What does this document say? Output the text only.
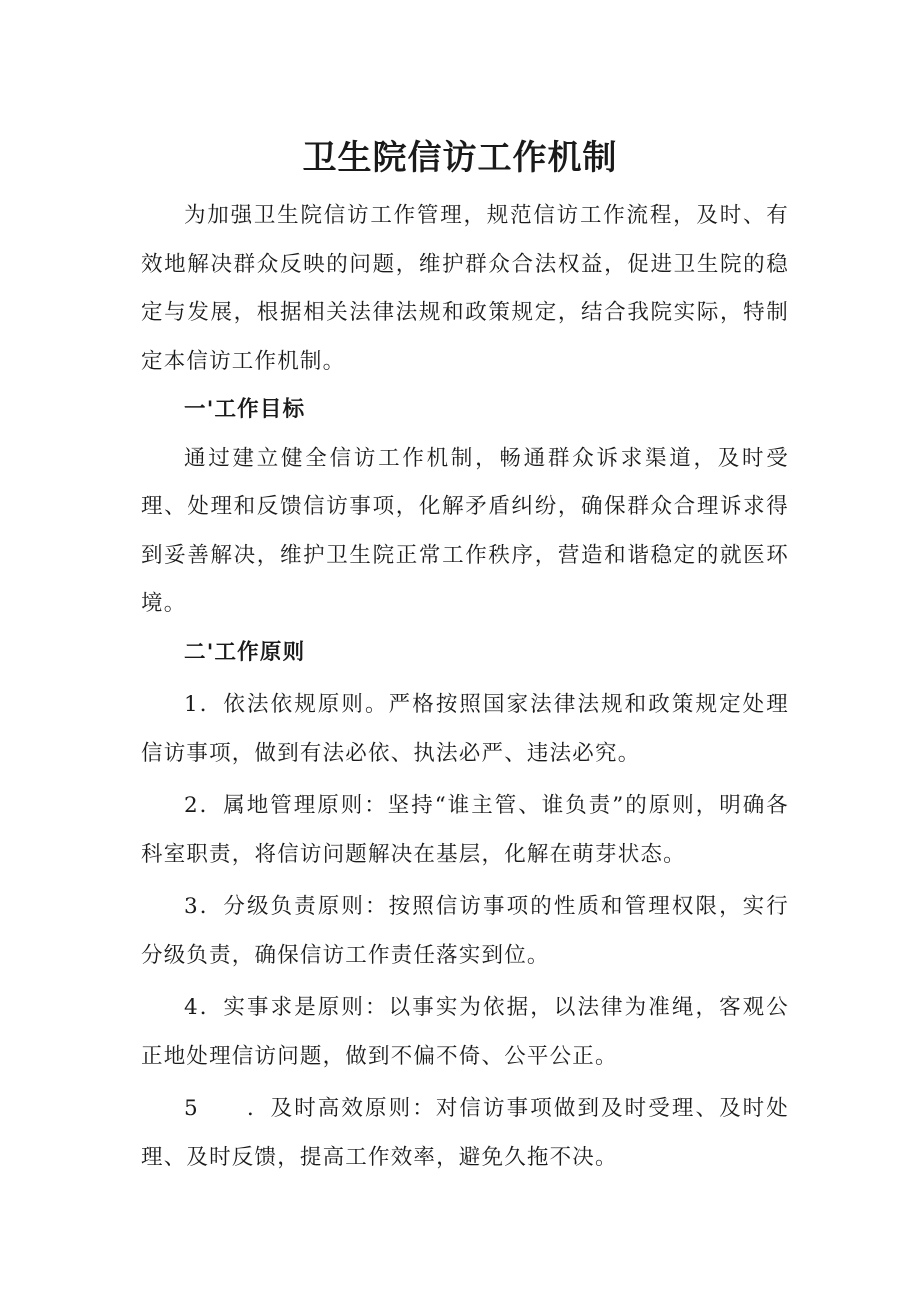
卫生院信访工作机制

为加强卫生院信访工作管理，规范信访工作流程，及时、有效地解决群众反映的问题，维护群众合法权益，促进卫生院的稳定与发展，根据相关法律法规和政策规定，结合我院实际，特制定本信访工作机制。

一'工作目标

通过建立健全信访工作机制，畅通群众诉求渠道，及时受理、处理和反馈信访事项，化解矛盾纠纷，确保群众合理诉求得到妥善解决，维护卫生院正常工作秩序，营造和谐稳定的就医环境。

二'工作原则

1．依法依规原则。严格按照国家法律法规和政策规定处理信访事项，做到有法必依、执法必严、违法必究。

2．属地管理原则：坚持“谁主管、谁负责”的原则，明确各科室职责，将信访问题解决在基层，化解在萌芽状态。

3．分级负责原则：按照信访事项的性质和管理权限，实行分级负责，确保信访工作责任落实到位。

4．实事求是原则：以事实为依据，以法律为准绳，客观公正地处理信访问题，做到不偏不倚、公平公正。

5　　．及时高效原则：对信访事项做到及时受理、及时处理、及时反馈，提高工作效率，避免久拖不决。
